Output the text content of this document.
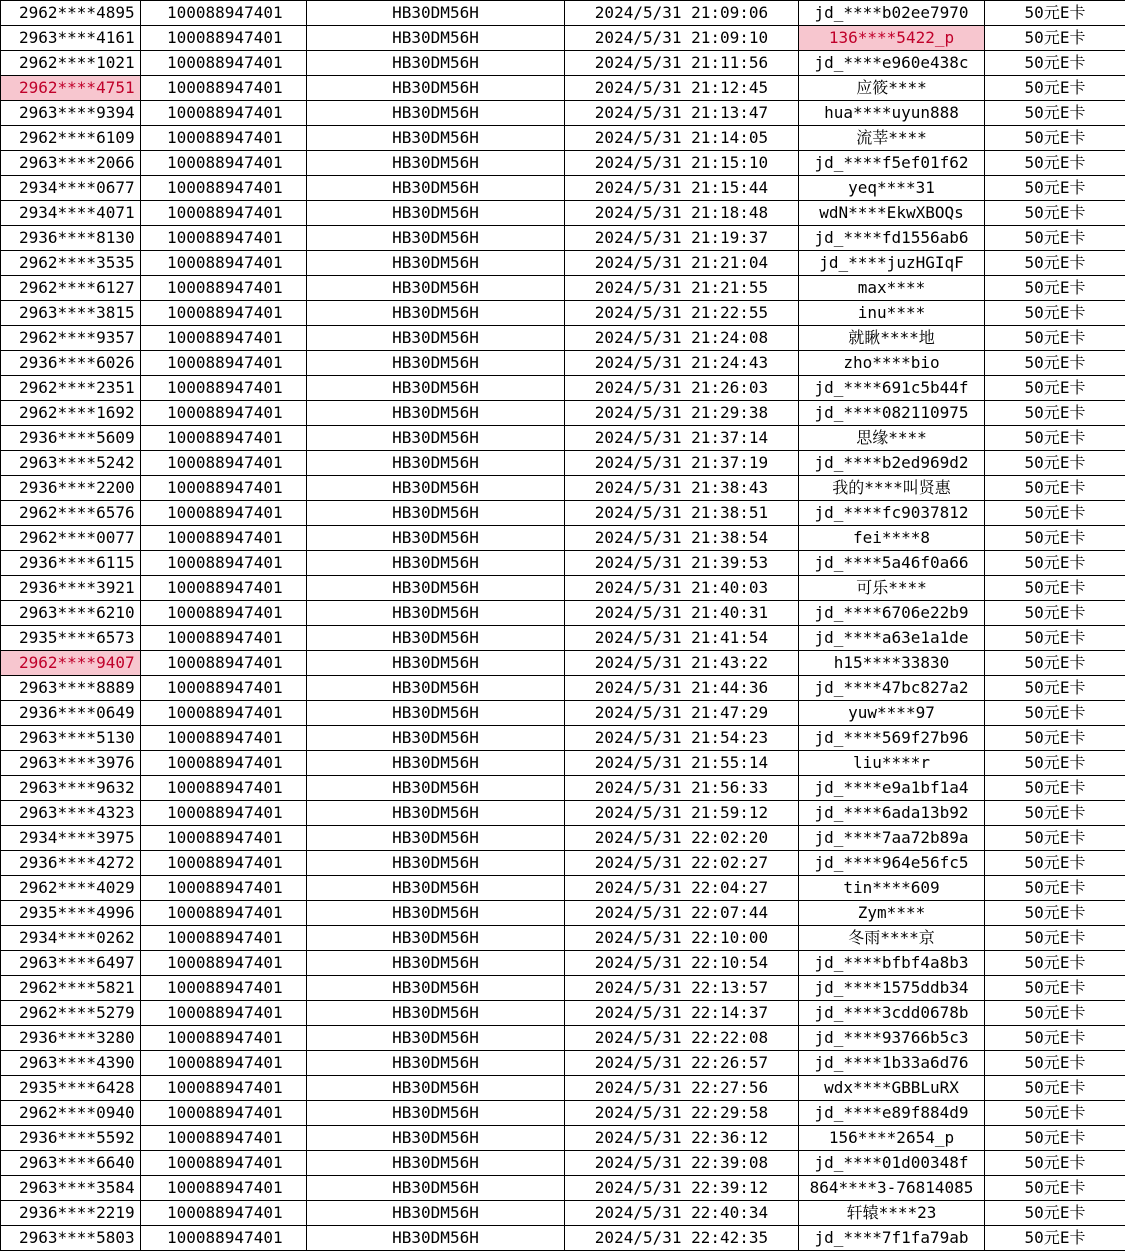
2962****4895	100088947401	HB30DM56H	2024/5/31 21:09:06	jd_****b02ee7970	50元E卡
2963****4161	100088947401	HB30DM56H	2024/5/31 21:09:10	136****5422_p	50元E卡
2962****1021	100088947401	HB30DM56H	2024/5/31 21:11:56	jd_****e960e438c	50元E卡
2962****4751	100088947401	HB30DM56H	2024/5/31 21:12:45	应筱****	50元E卡
2963****9394	100088947401	HB30DM56H	2024/5/31 21:13:47	hua****uyun888	50元E卡
2962****6109	100088947401	HB30DM56H	2024/5/31 21:14:05	流莘****	50元E卡
2963****2066	100088947401	HB30DM56H	2024/5/31 21:15:10	jd_****f5ef01f62	50元E卡
2934****0677	100088947401	HB30DM56H	2024/5/31 21:15:44	yeq****31	50元E卡
2934****4071	100088947401	HB30DM56H	2024/5/31 21:18:48	wdN****EkwXBOQs	50元E卡
2936****8130	100088947401	HB30DM56H	2024/5/31 21:19:37	jd_****fd1556ab6	50元E卡
2962****3535	100088947401	HB30DM56H	2024/5/31 21:21:04	jd_****juzHGIqF	50元E卡
2962****6127	100088947401	HB30DM56H	2024/5/31 21:21:55	max****	50元E卡
2963****3815	100088947401	HB30DM56H	2024/5/31 21:22:55	inu****	50元E卡
2962****9357	100088947401	HB30DM56H	2024/5/31 21:24:08	就瞅****地	50元E卡
2936****6026	100088947401	HB30DM56H	2024/5/31 21:24:43	zho****bio	50元E卡
2962****2351	100088947401	HB30DM56H	2024/5/31 21:26:03	jd_****691c5b44f	50元E卡
2962****1692	100088947401	HB30DM56H	2024/5/31 21:29:38	jd_****082110975	50元E卡
2936****5609	100088947401	HB30DM56H	2024/5/31 21:37:14	思缘****	50元E卡
2963****5242	100088947401	HB30DM56H	2024/5/31 21:37:19	jd_****b2ed969d2	50元E卡
2936****2200	100088947401	HB30DM56H	2024/5/31 21:38:43	我的****叫贤惠	50元E卡
2962****6576	100088947401	HB30DM56H	2024/5/31 21:38:51	jd_****fc9037812	50元E卡
2962****0077	100088947401	HB30DM56H	2024/5/31 21:38:54	fei****8	50元E卡
2936****6115	100088947401	HB30DM56H	2024/5/31 21:39:53	jd_****5a46f0a66	50元E卡
2936****3921	100088947401	HB30DM56H	2024/5/31 21:40:03	可乐****	50元E卡
2963****6210	100088947401	HB30DM56H	2024/5/31 21:40:31	jd_****6706e22b9	50元E卡
2935****6573	100088947401	HB30DM56H	2024/5/31 21:41:54	jd_****a63e1a1de	50元E卡
2962****9407	100088947401	HB30DM56H	2024/5/31 21:43:22	h15****33830	50元E卡
2963****8889	100088947401	HB30DM56H	2024/5/31 21:44:36	jd_****47bc827a2	50元E卡
2936****0649	100088947401	HB30DM56H	2024/5/31 21:47:29	yuw****97	50元E卡
2963****5130	100088947401	HB30DM56H	2024/5/31 21:54:23	jd_****569f27b96	50元E卡
2963****3976	100088947401	HB30DM56H	2024/5/31 21:55:14	liu****r	50元E卡
2963****9632	100088947401	HB30DM56H	2024/5/31 21:56:33	jd_****e9a1bf1a4	50元E卡
2963****4323	100088947401	HB30DM56H	2024/5/31 21:59:12	jd_****6ada13b92	50元E卡
2934****3975	100088947401	HB30DM56H	2024/5/31 22:02:20	jd_****7aa72b89a	50元E卡
2936****4272	100088947401	HB30DM56H	2024/5/31 22:02:27	jd_****964e56fc5	50元E卡
2962****4029	100088947401	HB30DM56H	2024/5/31 22:04:27	tin****609	50元E卡
2935****4996	100088947401	HB30DM56H	2024/5/31 22:07:44	Zym****	50元E卡
2934****0262	100088947401	HB30DM56H	2024/5/31 22:10:00	冬雨****京	50元E卡
2963****6497	100088947401	HB30DM56H	2024/5/31 22:10:54	jd_****bfbf4a8b3	50元E卡
2962****5821	100088947401	HB30DM56H	2024/5/31 22:13:57	jd_****1575ddb34	50元E卡
2962****5279	100088947401	HB30DM56H	2024/5/31 22:14:37	jd_****3cdd0678b	50元E卡
2936****3280	100088947401	HB30DM56H	2024/5/31 22:22:08	jd_****93766b5c3	50元E卡
2963****4390	100088947401	HB30DM56H	2024/5/31 22:26:57	jd_****1b33a6d76	50元E卡
2935****6428	100088947401	HB30DM56H	2024/5/31 22:27:56	wdx****GBBLuRX	50元E卡
2962****0940	100088947401	HB30DM56H	2024/5/31 22:29:58	jd_****e89f884d9	50元E卡
2936****5592	100088947401	HB30DM56H	2024/5/31 22:36:12	156****2654_p	50元E卡
2963****6640	100088947401	HB30DM56H	2024/5/31 22:39:08	jd_****01d00348f	50元E卡
2963****3584	100088947401	HB30DM56H	2024/5/31 22:39:12	864****3-76814085	50元E卡
2936****2219	100088947401	HB30DM56H	2024/5/31 22:40:34	轩辕****23	50元E卡
2963****5803	100088947401	HB30DM56H	2024/5/31 22:42:35	jd_****7f1fa79ab	50元E卡
